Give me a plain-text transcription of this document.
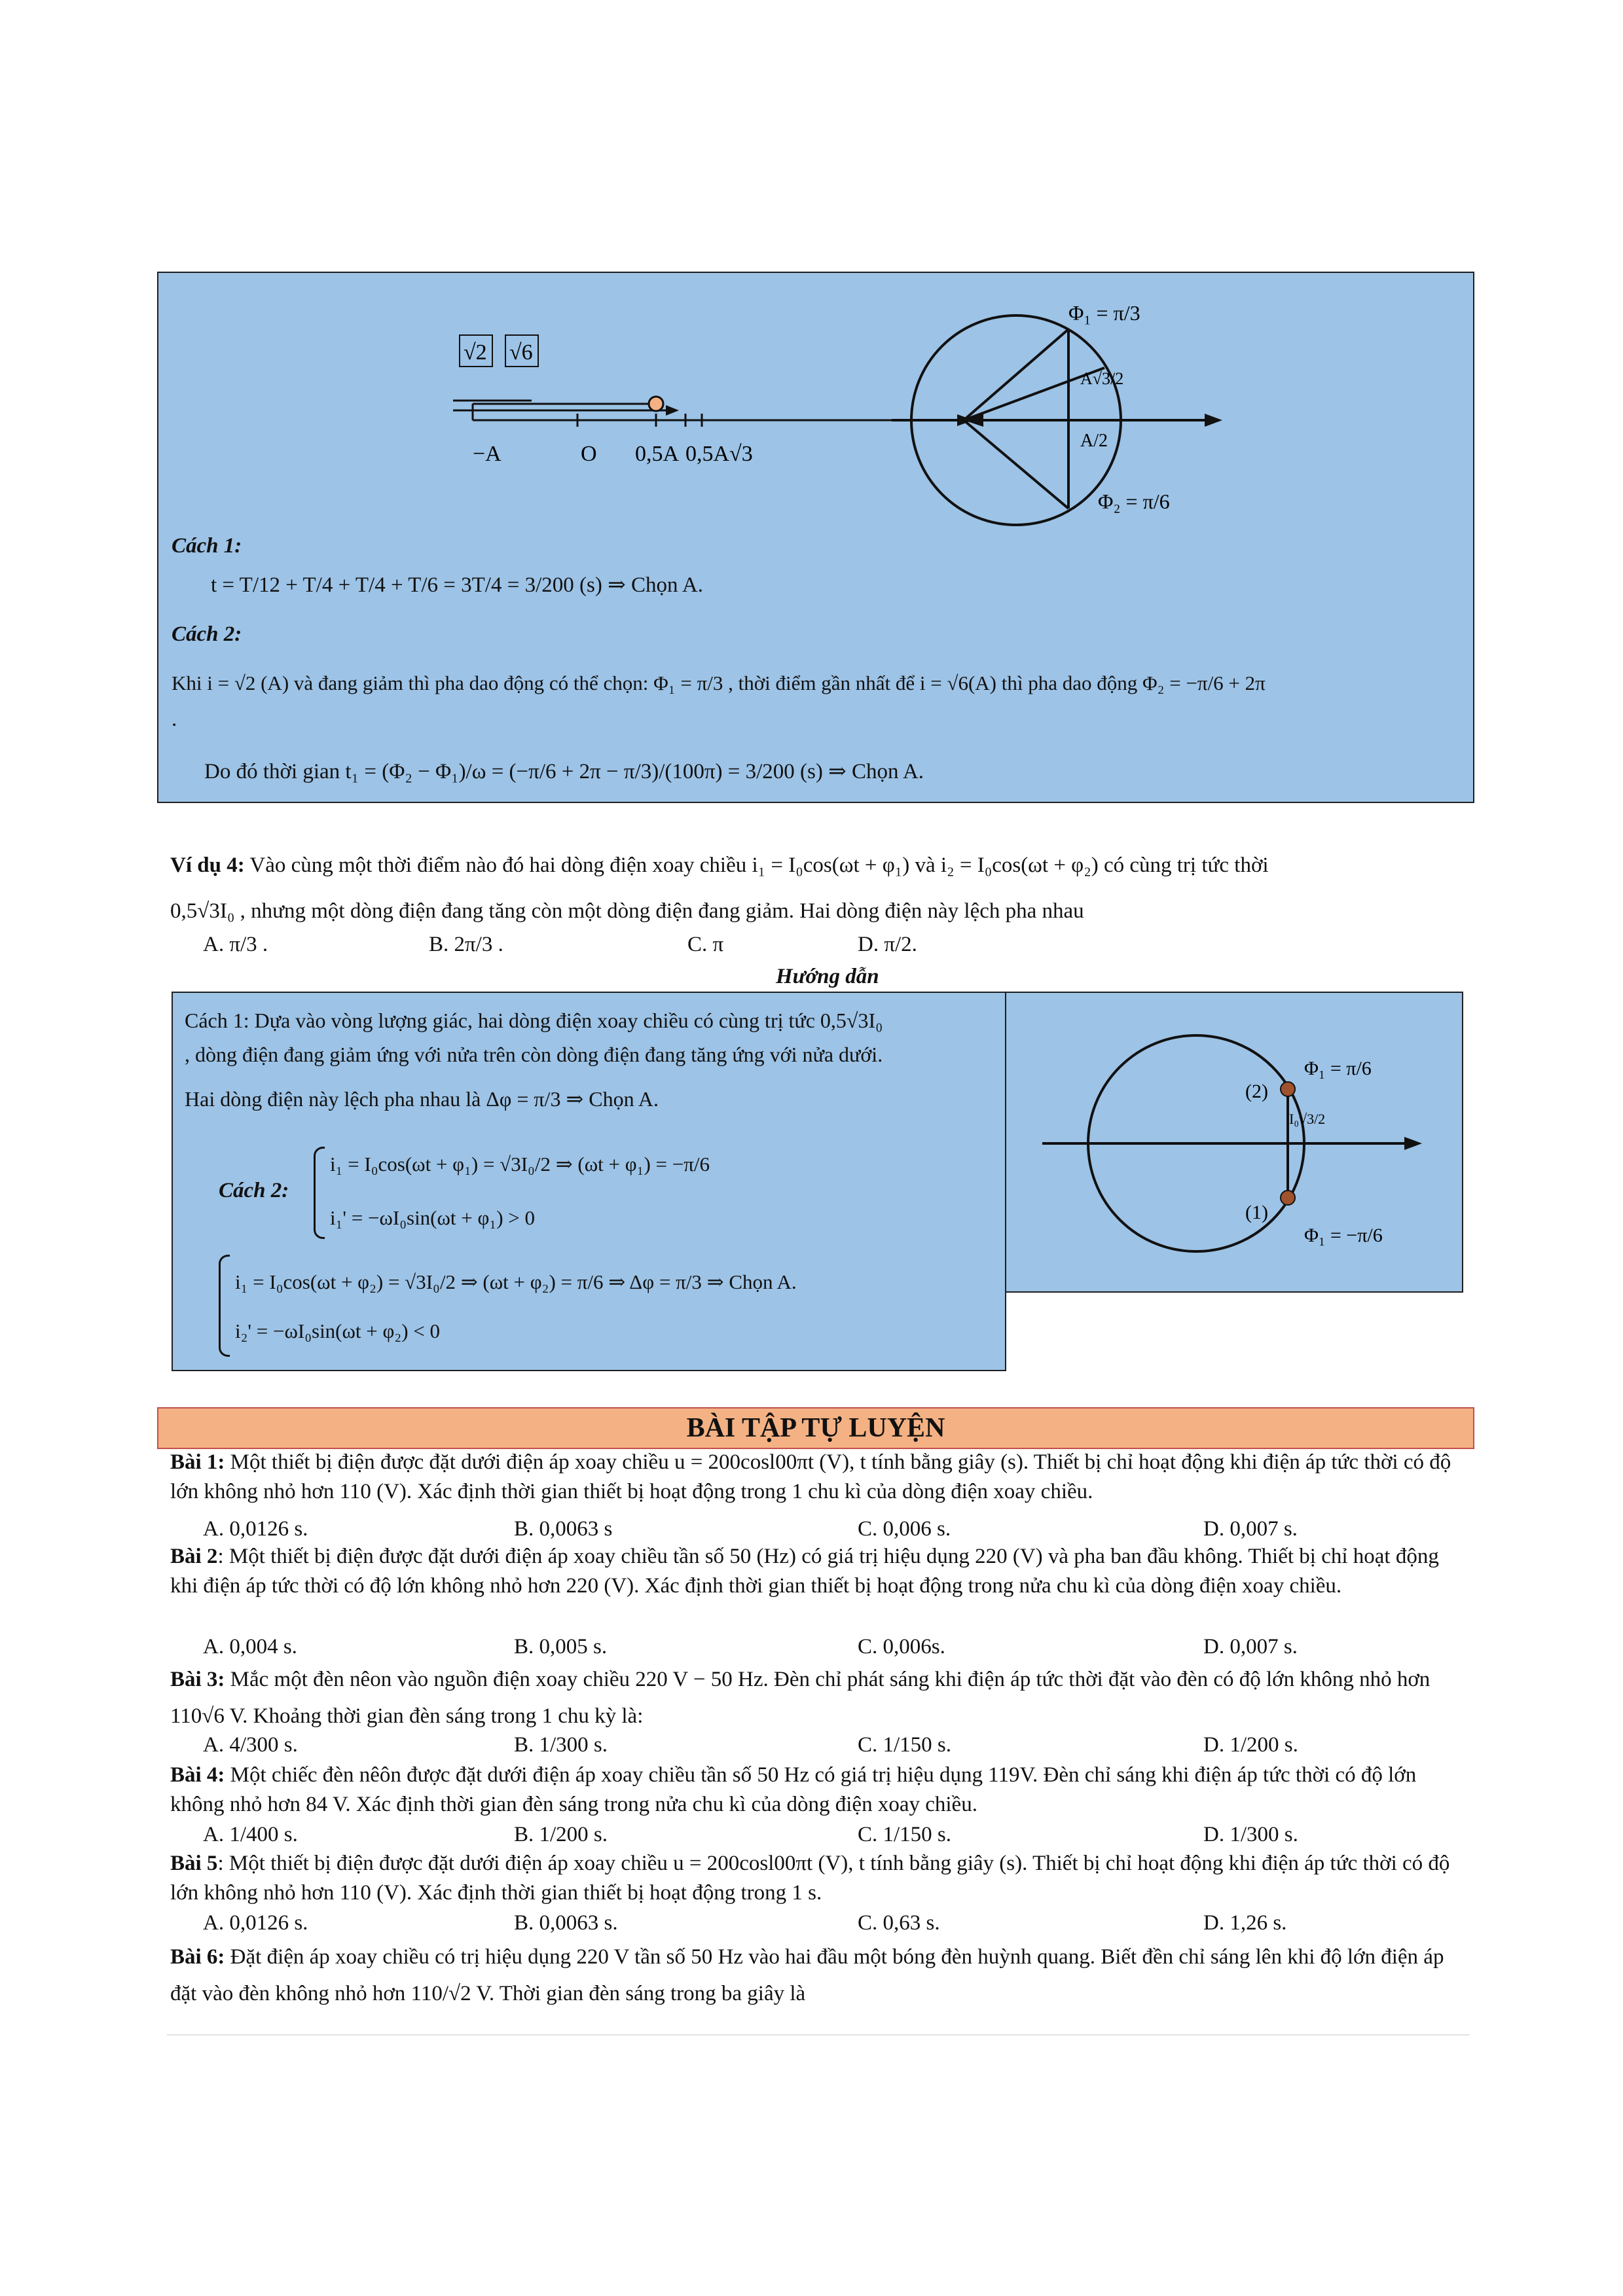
√2 √6
−A	O 0,5A 0,5A√3
Φ₁ = π/3
A√3/2
A/2
Φ₂ = π/6
Cách 1:
t = T/12 + T/4 + T/4 + T/6 = 3T/4 = 3/200 (s) ⇒ Chọn A.
Cách 2:
Khi i = √2 (A) và đang giảm thì pha dao động có thể chọn: Φ₁ = π/3 , thời điểm gần nhất để i = √6(A) thì pha dao động Φ₂ = −π/6 + 2π
.
Do đó thời gian t₁ = (Φ₂ − Φ₁)/ω = (−π/6 + 2π − π/3)/(100π) = 3/200 (s) ⇒ Chọn A.
Ví dụ 4: Vào cùng một thời điểm nào đó hai dòng điện xoay chiều i₁ = I₀cos(ωt + φ₁) và i₂ = I₀cos(ωt + φ₂) có cùng trị tức thời
0,5√3I₀ , nhưng một dòng điện đang tăng còn một dòng điện đang giảm. Hai dòng điện này lệch pha nhau
A. π/3 .	B. 2π/3 .	C. π	D. π/2.
Hướng dẫn
Cách 1: Dựa vào vòng lượng giác, hai dòng điện xoay chiều có cùng trị tức 0,5√3I₀
, dòng điện đang giảm ứng với nửa trên còn dòng điện đang tăng ứng với nửa dưới.
Hai dòng điện này lệch pha nhau là Δφ = π/3 ⇒ Chọn A.
Cách 2:
i₁ = I₀cos(ωt + φ₁) = √3I₀/2 ⇒ (ωt + φ₁) = −π/6
i₁' = −ωI₀sin(ωt + φ₁) > 0
i₁ = I₀cos(ωt + φ₂) = √3I₀/2 ⇒ (ωt + φ₂) = π/6 ⇒ Δφ = π/3 ⇒ Chọn A.
i₂' = −ωI₀sin(ωt + φ₂) < 0
(2)
Φ₁ = π/6
I₀√3/2
(1)
Φ₁ = −π/6
BÀI TẬP TỰ LUYỆN
Bài 1: Một thiết bị điện được đặt dưới điện áp xoay chiều u = 200cosl00πt (V), t tính bằng giây (s). Thiết bị chỉ hoạt động khi điện áp tức thời có độ lớn không nhỏ hơn 110 (V). Xác định thời gian thiết bị hoạt động trong 1 chu kì của dòng điện xoay chiều.
A. 0,0126 s.	B. 0,0063 s	C. 0,006 s.	D. 0,007 s.
Bài 2: Một thiết bị điện được đặt dưới điện áp xoay chiều tần số 50 (Hz) có giá trị hiệu dụng 220 (V) và pha ban đầu không. Thiết bị chỉ hoạt động khi điện áp tức thời có độ lớn không nhỏ hơn 220 (V). Xác định thời gian thiết bị hoạt động trong nửa chu kì của dòng điện xoay chiều.
A. 0,004 s.	B. 0,005 s.	C. 0,006s.	D. 0,007 s.
Bài 3: Mắc một đèn nêon vào nguồn điện xoay chiều 220 V − 50 Hz. Đèn chỉ phát sáng khi điện áp tức thời đặt vào đèn có độ lớn không nhỏ hơn 110√6 V. Khoảng thời gian đèn sáng trong 1 chu kỳ là:
A. 4/300 s.	B. 1/300 s.	C. 1/150 s.	D. 1/200 s.
Bài 4: Một chiếc đèn nêôn được đặt dưới điện áp xoay chiều tần số 50 Hz có giá trị hiệu dụng 119V. Đèn chỉ sáng khi điện áp tức thời có độ lớn không nhỏ hơn 84 V. Xác định thời gian đèn sáng trong nửa chu kì của dòng điện xoay chiều.
A. 1/400 s.	B. 1/200 s.	C. 1/150 s.	D. 1/300 s.
Bài 5: Một thiết bị điện được đặt dưới điện áp xoay chiều u = 200cosl00πt (V), t tính bằng giây (s). Thiết bị chỉ hoạt động khi điện áp tức thời có độ lớn không nhỏ hơn 110 (V). Xác định thời gian thiết bị hoạt động trong 1 s.
A. 0,0126 s.	B. 0,0063 s.	C. 0,63 s.	D. 1,26 s.
Bài 6: Đặt điện áp xoay chiều có trị hiệu dụng 220 V tần số 50 Hz vào hai đầu một bóng đèn huỳnh quang. Biết đền chỉ sáng lên khi độ lớn điện áp đặt vào đèn không nhỏ hơn 110/√2 V. Thời gian đèn sáng trong ba giây là
